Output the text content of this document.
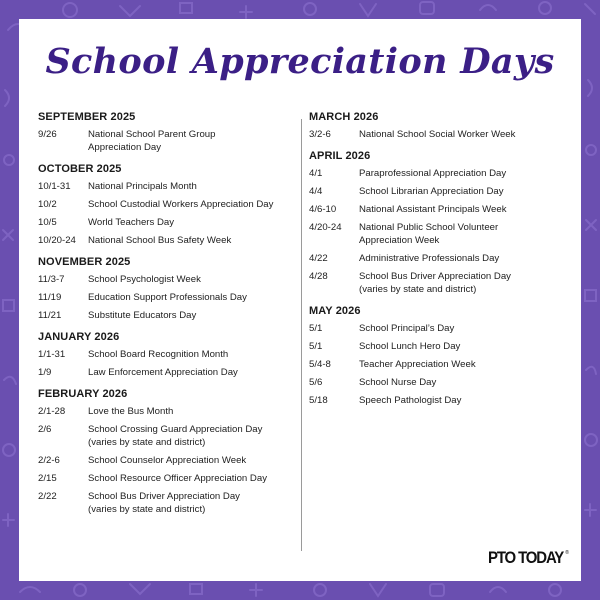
School Appreciation Days
SEPTEMBER 2025
9/26	National School Parent Group
Appreciation Day
OCTOBER 2025
10/1-31	National Principals Month
10/2	School Custodial Workers Appreciation Day
10/5	World Teachers Day
10/20-24	National School Bus Safety Week
NOVEMBER 2025
11/3-7	School Psychologist Week
11/19	Education Support Professionals Day
11/21	Substitute Educators Day
JANUARY 2026
1/1-31	School Board Recognition Month
1/9	Law Enforcement Appreciation Day
FEBRUARY 2026
2/1-28	Love the Bus Month
2/6	School Crossing Guard Appreciation Day
(varies by state and district)
2/2-6	School Counselor Appreciation Week
2/15	School Resource Officer Appreciation Day
2/22	School Bus Driver Appreciation Day
(varies by state and district)
MARCH 2026
3/2-6	National School Social Worker Week
APRIL 2026
4/1	Paraprofessional Appreciation Day
4/4	School Librarian Appreciation Day
4/6-10	National Assistant Principals Week
4/20-24	National Public School Volunteer
Appreciation Week
4/22	Administrative Professionals Day
4/28	School Bus Driver Appreciation Day
(varies by state and district)
MAY 2026
5/1	School Principal’s Day
5/1	School Lunch Hero Day
5/4-8	Teacher Appreciation Week
5/6	School Nurse Day
5/18	Speech Pathologist Day
PTO TODAY ®
